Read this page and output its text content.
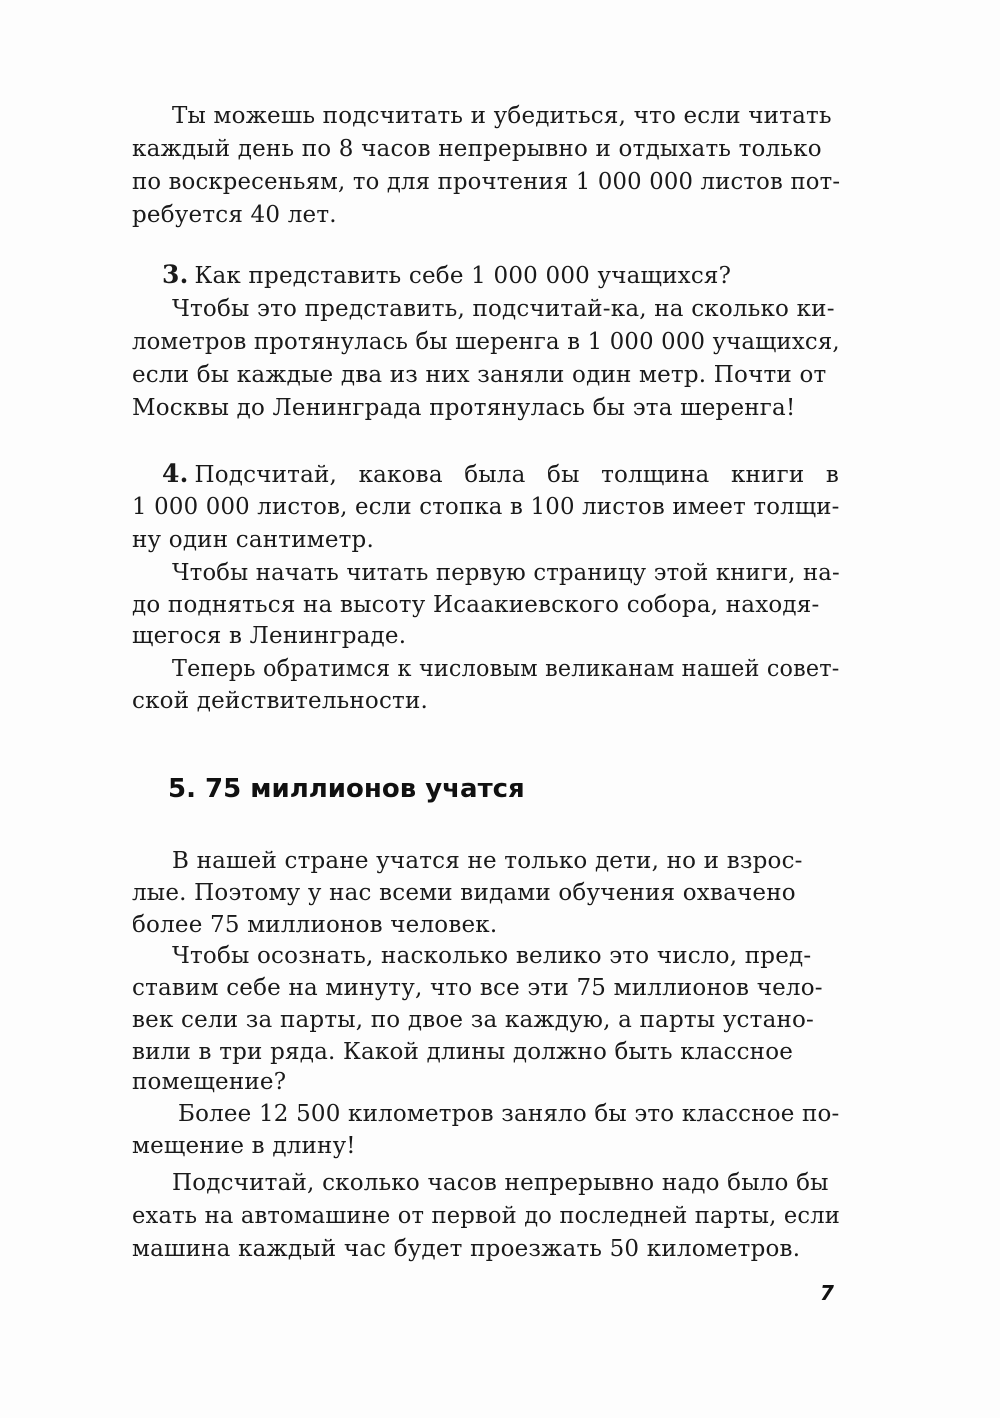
Ты можешь подсчитать и убедиться, что если читать
каждый день по 8 часов непрерывно и отдыхать только
по воскресеньям, то для прочтения 1 000 000 листов пот-
ребуется 40 лет.
3. Как представить себе 1 000 000 учащихся?
Чтобы это представить, подсчитай-ка, на сколько ки-
лометров протянулась бы шеренга в 1 000 000 учащихся,
если бы каждые два из них заняли один метр. Почти от
Москвы до Ленинграда протянулась бы эта шеренга!
4. Подсчитай, какова была бы толщина книги в
1 000 000 листов, если стопка в 100 листов имеет толщи-
ну один сантиметр.
Чтобы начать читать первую страницу этой книги, на-
до подняться на высоту Исаакиевского собора, находя-
щегося в Ленинграде.
Теперь обратимся к числовым великанам нашей совет-
ской действительности.
5. 75 миллионов учатся
В нашей стране учатся не только дети, но и взрос-
лые. Поэтому у нас всеми видами обучения охвачено
более 75 миллионов человек.
Чтобы осознать, насколько велико это число, пред-
ставим себе на минуту, что все эти 75 миллионов чело-
век сели за парты, по двое за каждую, а парты устано-
вили в три ряда. Какой длины должно быть классное
помещение?
Более 12 500 километров заняло бы это классное по-
мещение в длину!
Подсчитай, сколько часов непрерывно надо было бы
ехать на автомашине от первой до последней парты, если
машина каждый час будет проезжать 50 километров.
7
